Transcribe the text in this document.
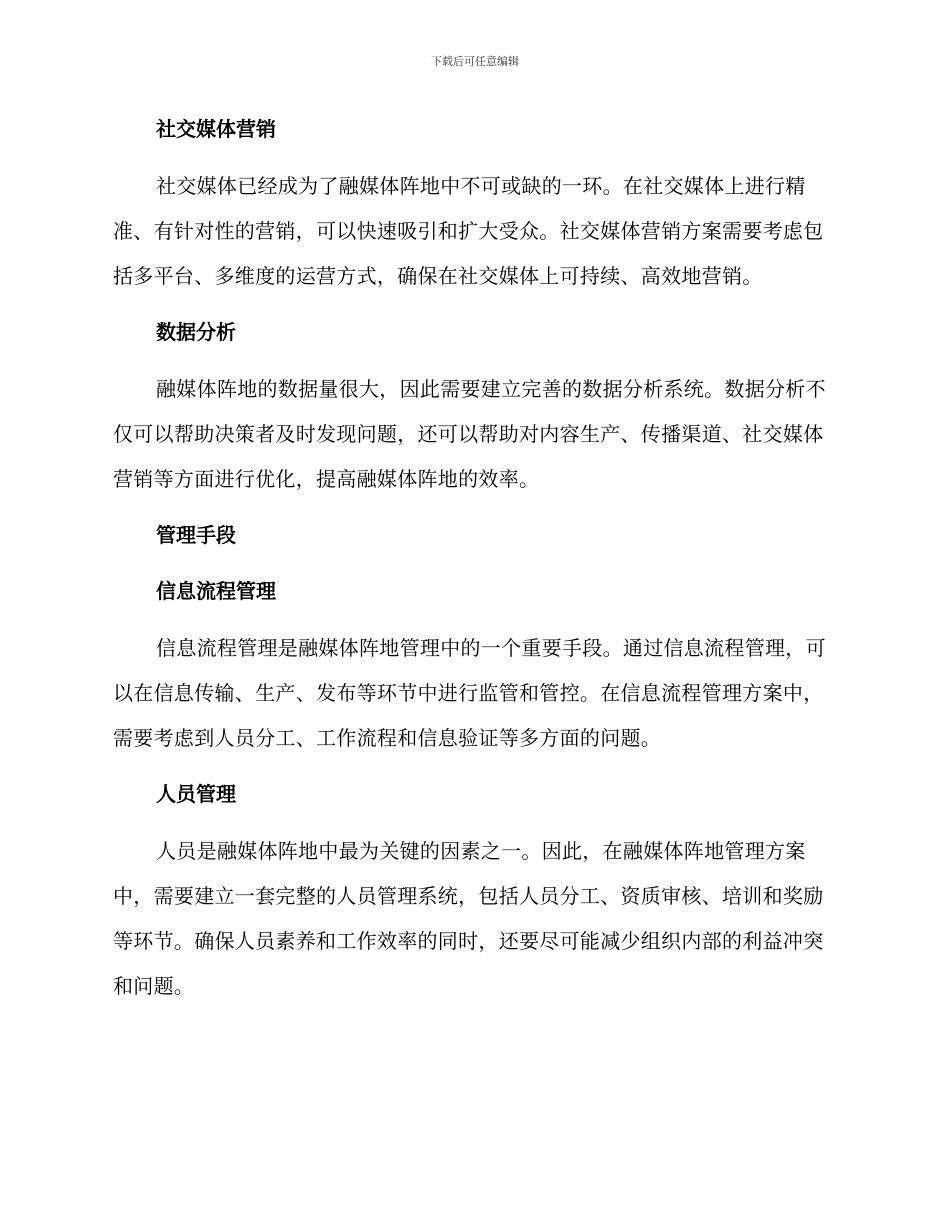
下载后可任意编辑
社交媒体营销

社交媒体已经成为了融媒体阵地中不可或缺的一环。在社交媒体上进行精准、有针对性的营销，可以快速吸引和扩大受众。社交媒体营销方案需要考虑包括多平台、多维度的运营方式，确保在社交媒体上可持续、高效地营销。

数据分析

融媒体阵地的数据量很大，因此需要建立完善的数据分析系统。数据分析不仅可以帮助决策者及时发现问题，还可以帮助对内容生产、传播渠道、社交媒体营销等方面进行优化，提高融媒体阵地的效率。

管理手段
信息流程管理

信息流程管理是融媒体阵地管理中的一个重要手段。通过信息流程管理，可以在信息传输、生产、发布等环节中进行监管和管控。在信息流程管理方案中，需要考虑到人员分工、工作流程和信息验证等多方面的问题。

人员管理

人员是融媒体阵地中最为关键的因素之一。因此，在融媒体阵地管理方案中，需要建立一套完整的人员管理系统，包括人员分工、资质审核、培训和奖励等环节。确保人员素养和工作效率的同时，还要尽可能减少组织内部的利益冲突和问题。
